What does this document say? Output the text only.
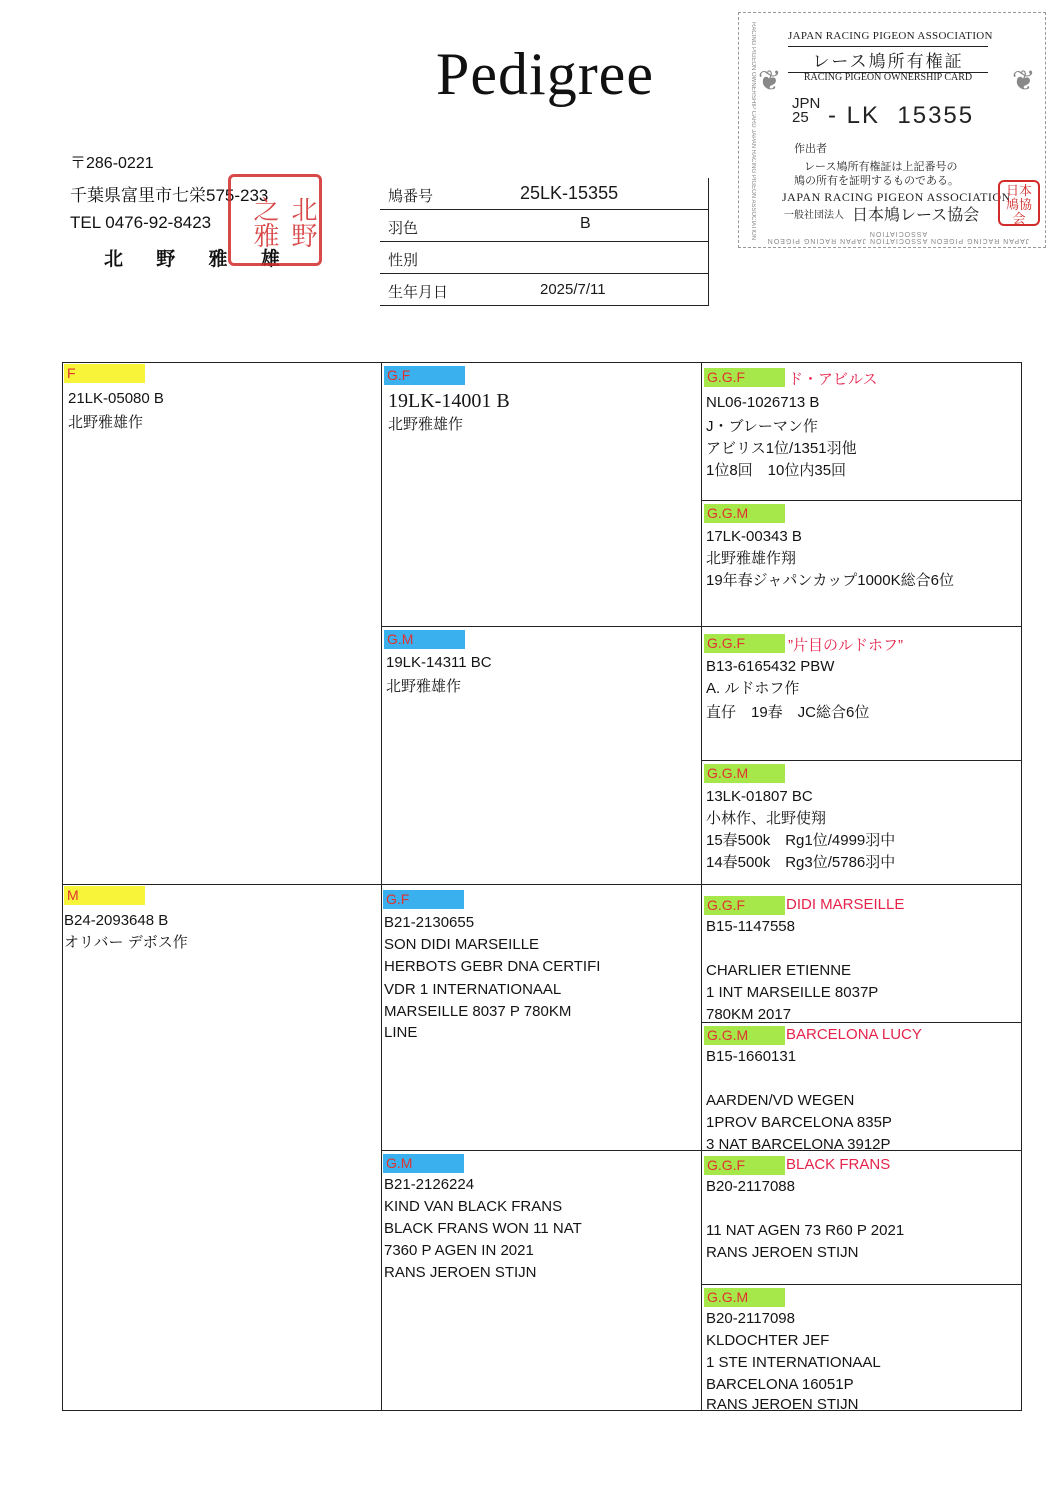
Pedigree
〒286-0221
千葉県富里市七栄575-233
TEL 0476-92-8423
北 野 雅 雄
北野
之雅
鳩番号	25LK-15355
羽色	B
性別
生年月日	2025/7/11
RACING PIGEON OWNERSHIP CARD JAPAN RACING PIGEON ASSOCIATION
JAPAN RACING PIGEON ASSOCIATION JAPAN RACING PIGEON ASSOCIATION
❦	❦
JAPAN RACING PIGEON ASSOCIATION
レース鳩所有権証
RACING PIGEON OWNERSHIP CARD
JPN
25 - LK 15355
作出者
レース鳩所有権証は上記番号の
鳩の所有を証明するものである。
JAPAN RACING PIGEON ASSOCIATION
一般社団法人 日本鳩レース協会
日本鳩協会
F
21LK-05080 B
北野雅雄作
M
B24-2093648 B
オリバー デボス作
G.F
19LK-14001 B
北野雅雄作
G.M
19LK-14311 BC
北野雅雄作
G.F
B21-2130655
SON DIDI MARSEILLE
HERBOTS GEBR DNA CERTIFI
VDR 1 INTERNATIONAAL
MARSEILLE 8037 P 780KM
LINE
G.M
B21-2126224
KIND VAN BLACK FRANS
BLACK FRANS WON 11 NAT
7360 P AGEN IN 2021
RANS JEROEN STIJN
G.G.F	ド・アビルス
NL06-1026713 B
J・ブレーマン作
アビリス1位/1351羽他
1位8回　10位内35回
G.G.M
17LK-00343 B
北野雅雄作翔
19年春ジャパンカップ1000K総合6位
G.G.F	”片目のルドホフ”
B13-6165432 PBW
A. ルドホフ作
直仔　19春　JC総合6位
G.G.M
13LK-01807 BC
小林作、北野使翔
15春500k　Rg1位/4999羽中
14春500k　Rg3位/5786羽中
G.G.F	DIDI MARSEILLE
B15-1147558
CHARLIER ETIENNE
1 INT MARSEILLE 8037P
780KM 2017
G.G.M	BARCELONA LUCY
B15-1660131
AARDEN/VD WEGEN
1PROV BARCELONA 835P
3 NAT BARCELONA 3912P
G.G.F	BLACK FRANS
B20-2117088
11 NAT AGEN 73 R60 P 2021
RANS JEROEN STIJN
G.G.M
B20-2117098
KLDOCHTER JEF
1 STE INTERNATIONAAL
BARCELONA 16051P
RANS JEROEN STIJN
